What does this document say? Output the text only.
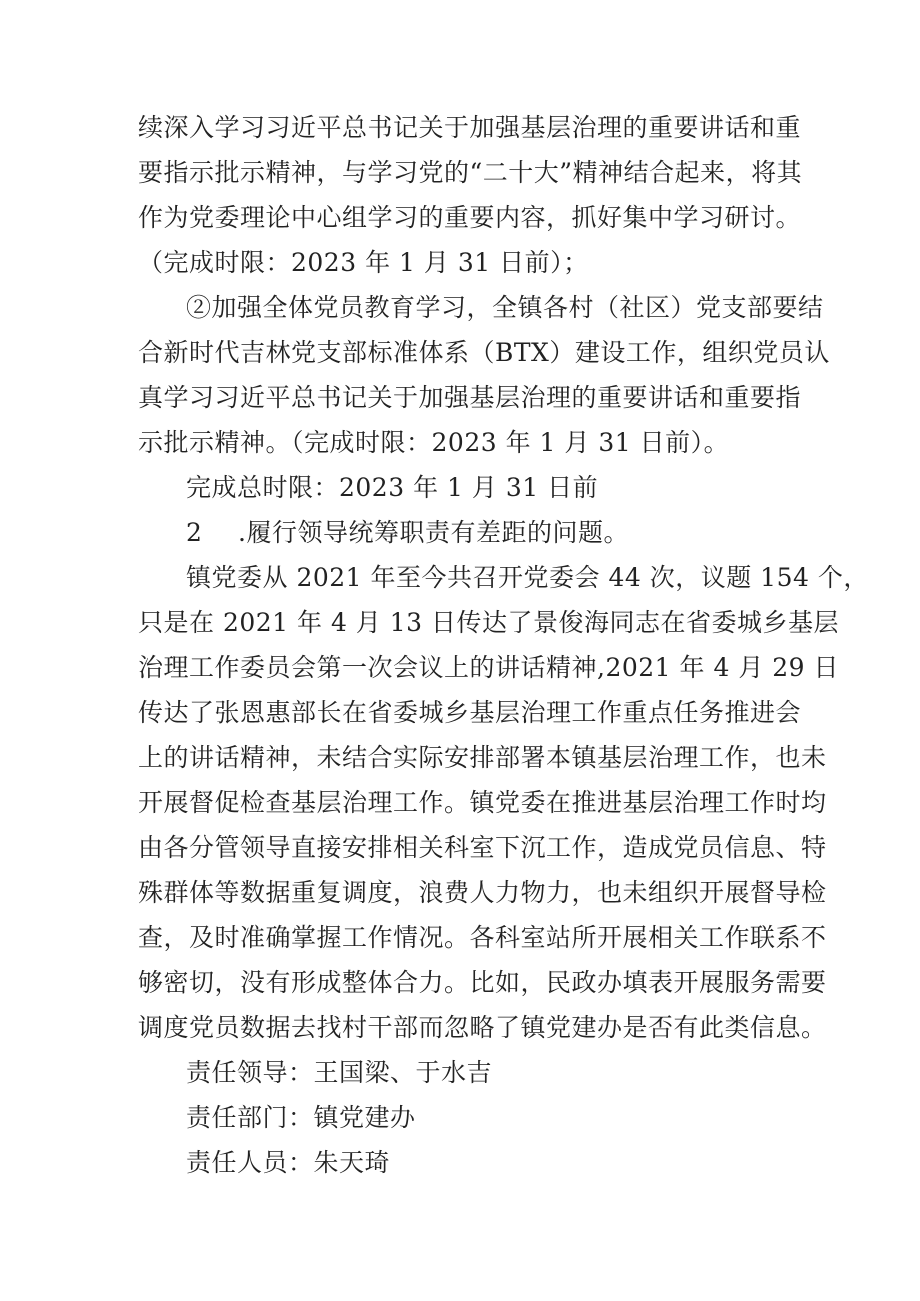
续深入学习习近平总书记关于加强基层治理的重要讲话和重
要指示批示精神，与学习党的“二十大”精神结合起来，将其
作为党委理论中心组学习的重要内容，抓好集中学习研讨。
（完成时限：2023 年 1 月 31 日前）；
②加强全体党员教育学习，全镇各村（社区）党支部要结
合新时代吉林党支部标准体系（BTX）建设工作，组织党员认
真学习习近平总书记关于加强基层治理的重要讲话和重要指
示批示精神。（完成时限：2023 年 1 月 31 日前）。
完成总时限：2023 年 1 月 31 日前
2 .履行领导统筹职责有差距的问题。
镇党委从 2021 年至今共召开党委会 44 次，议题 154 个，
只是在 2021 年 4 月 13 日传达了景俊海同志在省委城乡基层
治理工作委员会第一次会议上的讲话精神,2021 年 4 月 29 日
传达了张恩惠部长在省委城乡基层治理工作重点任务推进会
上的讲话精神，未结合实际安排部署本镇基层治理工作，也未
开展督促检查基层治理工作。镇党委在推进基层治理工作时均
由各分管领导直接安排相关科室下沉工作，造成党员信息、特
殊群体等数据重复调度，浪费人力物力，也未组织开展督导检
查，及时准确掌握工作情况。各科室站所开展相关工作联系不
够密切，没有形成整体合力。比如，民政办填表开展服务需要
调度党员数据去找村干部而忽略了镇党建办是否有此类信息。
责任领导：王国梁、于水吉
责任部门：镇党建办
责任人员：朱天琦
